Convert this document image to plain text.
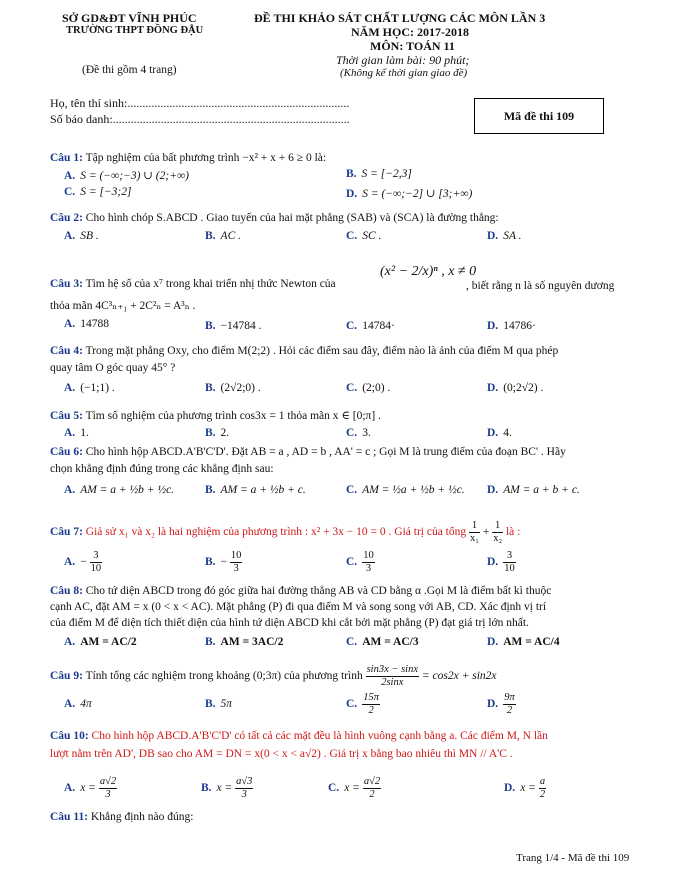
SỞ GD&ĐT VĨNH PHÚC
TRƯỜNG THPT ĐỒNG ĐẬU
(Đề thi gồm 4 trang)
ĐỀ THI KHẢO SÁT CHẤT LƯỢNG CÁC MÔN LẦN 3
NĂM HỌC: 2017-2018
MÔN: TOÁN 11
Thời gian làm bài: 90 phút;
(Không kể thời gian giao đề)
Họ, tên thí sinh:..........................................................................
Số báo danh:...............................................................................	Mã đề thi 109
Câu 1: Tập nghiệm của bất phương trình −x² + x + 6 ≥ 0 là:
A. S = (−∞;−3) ∪ (2;+∞)	B. S = [−2,3]
C. S = [−3;2]	D. S = (−∞;−2] ∪ [3;+∞)
Câu 2: Cho hình chóp S.ABCD . Giao tuyến của hai mặt phẳng (SAB) và (SCA) là đường thẳng:
A. SB .	B. AC .	C. SC .	D. SA .
Câu 3: Tìm hệ số của x⁷ trong khai triển nhị thức Newton của
(x² − 2/x)ⁿ , x ≠ 0
, biết rằng n là số nguyên dương
thỏa mãn 4C³ₙ₊₁ + 2C²ₙ = A³ₙ .
A. 14788	B. −14784 .	C. 14784·	D. 14786·
Câu 4: Trong mặt phẳng Oxy, cho điểm M(2;2) . Hỏi các điểm sau đây, điểm nào là ảnh của điểm M qua phép
quay tâm O góc quay 45° ?
A. (−1;1) .	B. (2√2;0) .	C. (2;0) .	D. (0;2√2) .
Câu 5: Tìm số nghiệm của phương trình cos3x = 1 thỏa mãn x ∈ [0;π] .
A. 1.	B. 2.	C. 3.	D. 4.
Câu 6: Cho hình hộp ABCD.A'B'C'D'. Đặt AB = a , AD = b , AA' = c ; Gọi M là trung điểm của đoạn BC' . Hãy
chọn khẳng định đúng trong các khẳng định sau:
A. AM = a + ½b + ½c.	B. AM = a + ½b + c.	C. AM = ½a + ½b + ½c. D. AM = a + b + c.
Câu 7: Giả sử x₁ và x₂ là hai nghiệm của phương trình : x² + 3x − 10 = 0 . Giá trị của tổng $\frac{1}{\text{x₁}} + \frac{1}{\text{x₂}}$ là :
A. − $\frac{3}{10}$	B. − $\frac{10}{3}$	C. $\frac{10}{3}$	D. $\frac{3}{10}$
Câu 8: Cho tứ diện ABCD trong đó góc giữa hai đường thẳng AB và CD bằng α .Gọi M là điểm bất kì thuộc
cạnh AC, đặt AM = x (0 < x < AC). Mặt phẳng (P) đi qua điểm M và song song với AB, CD. Xác định vị trí
của điểm M để diện tích thiết diện của hình tứ diện ABCD khi cắt bởi mặt phẳng (P) đạt giá trị lớn nhất.
A. AM = AC/2	B. AM = 3AC/2	C. AM = AC/3	D. AM = AC/4
Câu 9: Tính tổng các nghiệm trong khoảng (0;3π) của phương trình $\frac{\sin 3x - \sin x}{2\sin x} = \cos 2x + \sin 2x$
A. 4π	B. 5π	C. $\frac{15\pi}{2}$	D. $\frac{9\pi}{2}$
Câu 10: Cho hình hộp ABCD.A'B'C'D' có tất cả các mặt đều là hình vuông cạnh bằng a. Các điểm M, N lần
lượt nằm trên AD', DB sao cho AM = DN = x(0 < x < a√2) . Giá trị x bằng bao nhiêu thì MN // A'C .
A. $x = \frac{a√2}{3}$	B. $x = \frac{a√3}{3}$	C. $x = \frac{a√2}{2}$	D. $x = \frac{a}{2}$
Câu 11: Khẳng định nào đúng:
Trang 1/4 - Mã đề thi 109
